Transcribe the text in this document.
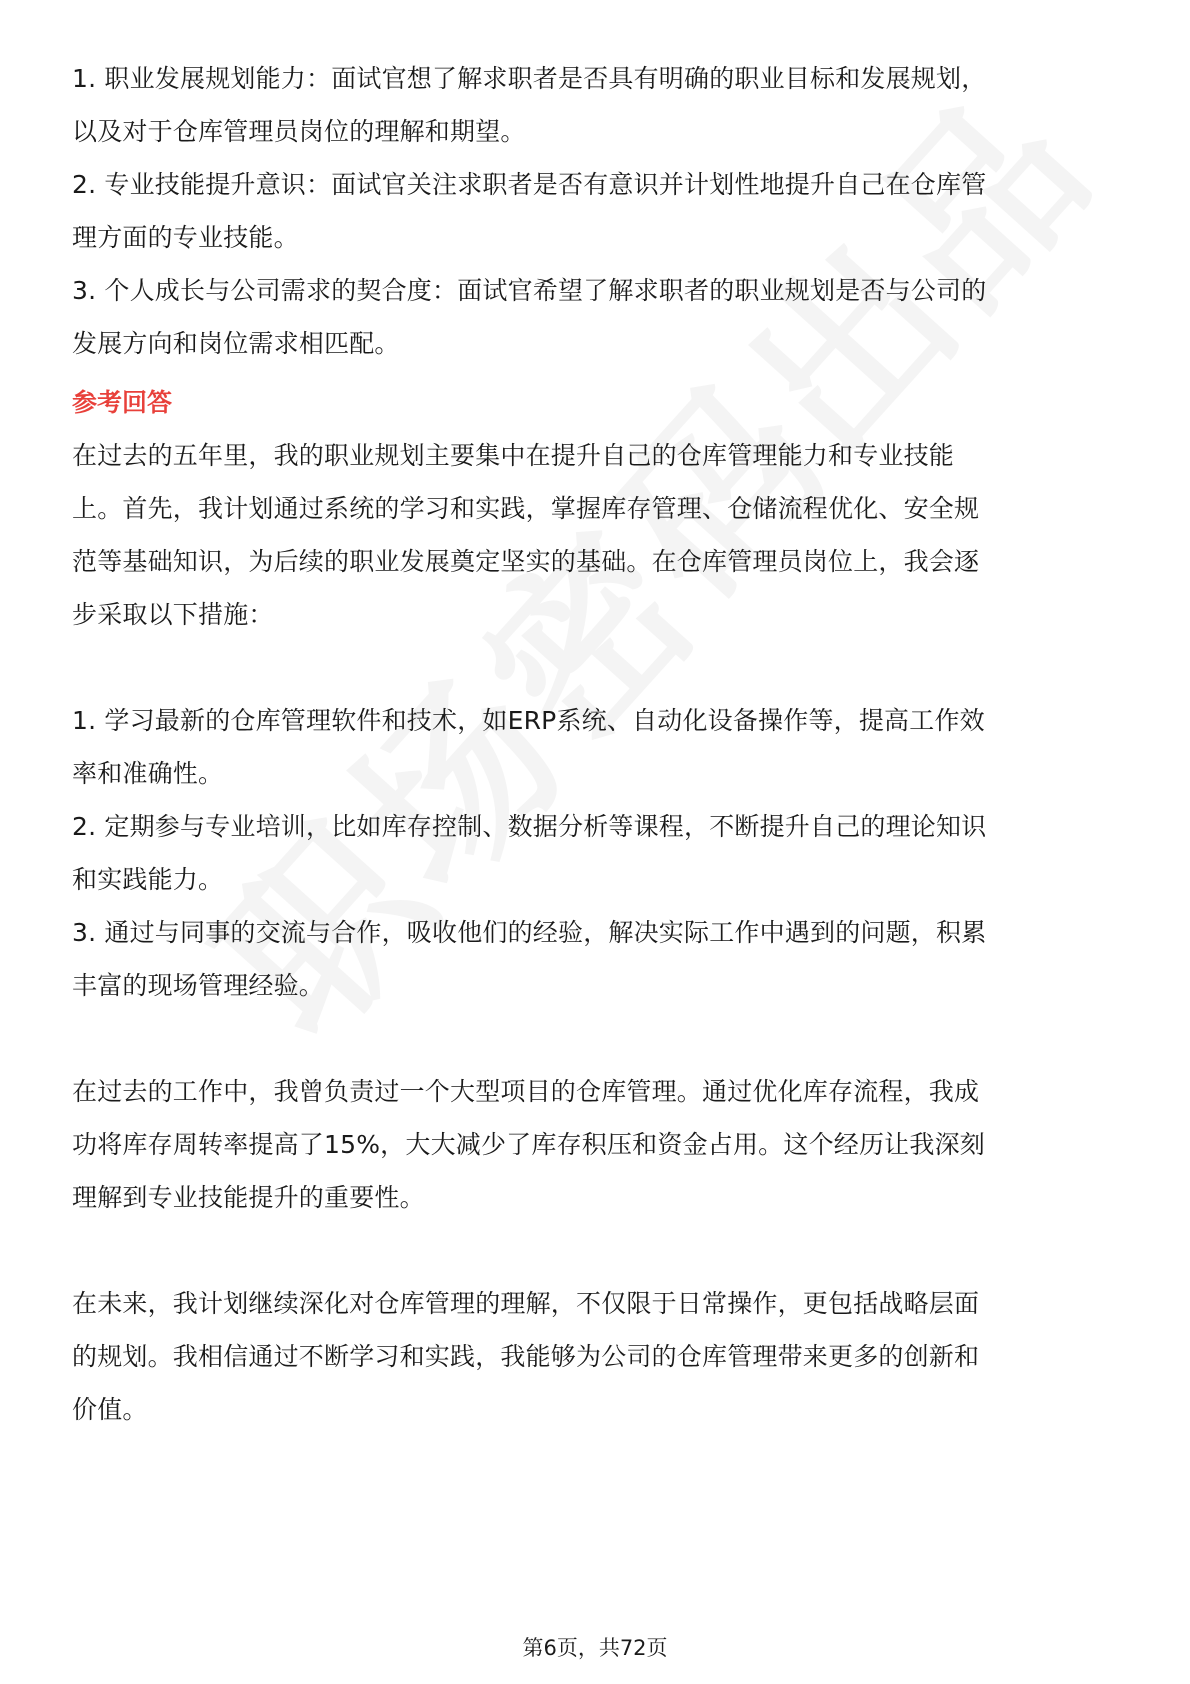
1. 职业发展规划能力：面试官想了解求职者是否具有明确的职业目标和发展规划，
以及对于仓库管理员岗位的理解和期望。
2. 专业技能提升意识：面试官关注求职者是否有意识并计划性地提升自己在仓库管
理方面的专业技能。
3. 个人成长与公司需求的契合度：面试官希望了解求职者的职业规划是否与公司的
发展方向和岗位需求相匹配。
参考回答
在过去的五年里，我的职业规划主要集中在提升自己的仓库管理能力和专业技能
上。首先，我计划通过系统的学习和实践，掌握库存管理、仓储流程优化、安全规
范等基础知识，为后续的职业发展奠定坚实的基础。在仓库管理员岗位上，我会逐
步采取以下措施：
1. 学习最新的仓库管理软件和技术，如ERP系统、自动化设备操作等，提高工作效
率和准确性。
2. 定期参与专业培训，比如库存控制、数据分析等课程，不断提升自己的理论知识
和实践能力。
3. 通过与同事的交流与合作，吸收他们的经验，解决实际工作中遇到的问题，积累
丰富的现场管理经验。
在过去的工作中，我曾负责过一个大型项目的仓库管理。通过优化库存流程，我成
功将库存周转率提高了15%，大大减少了库存积压和资金占用。这个经历让我深刻
理解到专业技能提升的重要性。
在未来，我计划继续深化对仓库管理的理解，不仅限于日常操作，更包括战略层面
的规划。我相信通过不断学习和实践，我能够为公司的仓库管理带来更多的创新和
价值。
第6页，共72页
